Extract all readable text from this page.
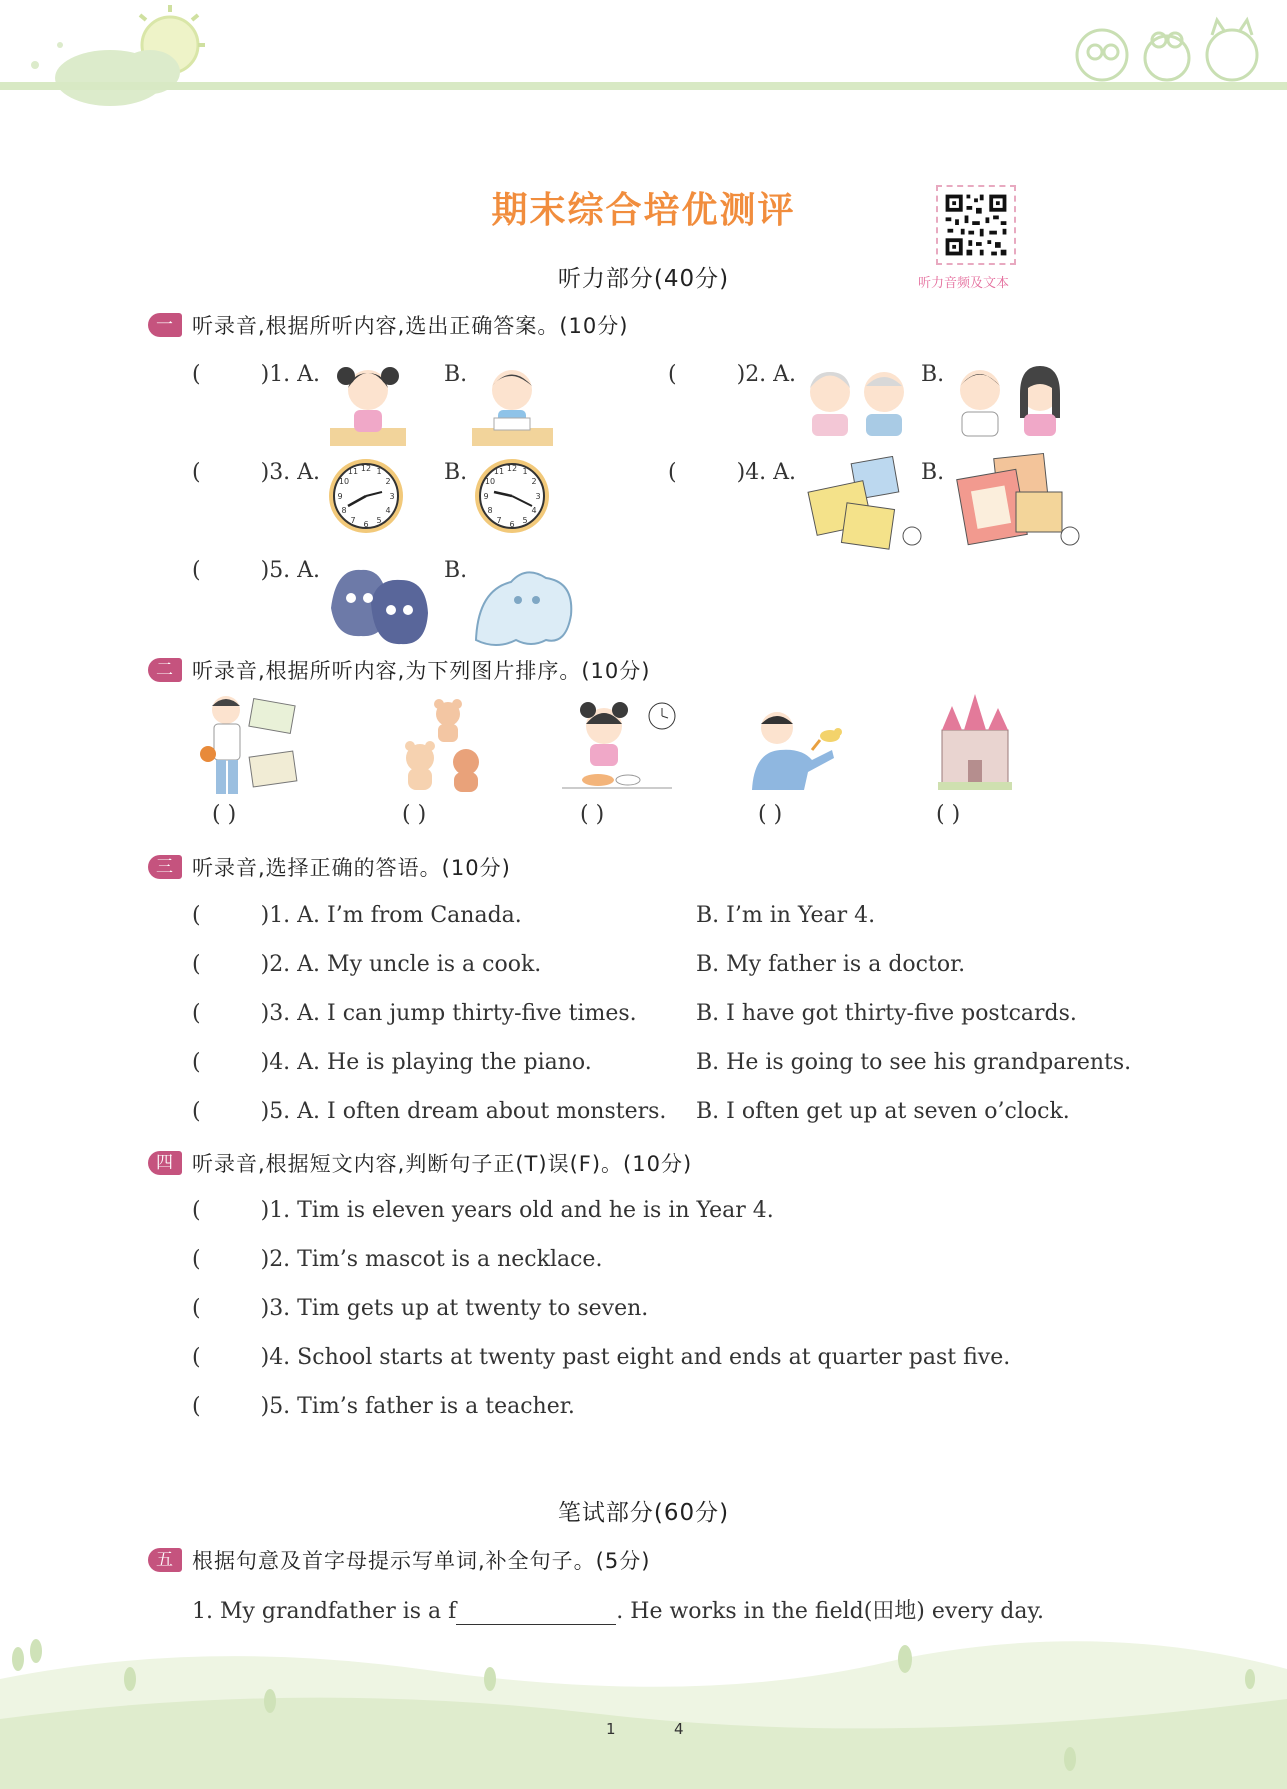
期末综合培优测评
听力音频及文本
听力部分(40分)
一 听录音,根据所听内容,选出正确答案。(10分)
(	)1. A.	B.	(	)2. A.	B.
(	)3. A.	B.	(	)4. A.	B.
(	)5. A.	B.
12 1
2
3
4
5
6
7
8
9
10
11	12 1
2
3
4
5
6
7
8
9
10
11
二 听录音,根据所听内容,为下列图片排序。(10分)
( )	( )	( )	( )	( )
三 听录音,选择正确的答语。(10分)
(	)1. A. I’m from Canada.	B. I’m in Year 4.
(	)2. A. My uncle is a cook.	B. My father is a doctor.
(	)3. A. I can jump thirty-five times.	B. I have got thirty-five postcards.
(	)4. A. He is playing the piano.	B. He is going to see his grandparents.
(	)5. A. I often dream about monsters. B. I often get up at seven o’clock.
四 听录音,根据短文内容,判断句子正(T)误(F)。(10分)
(	)1. Tim is eleven years old and he is in Year 4.
(	)2. Tim’s mascot is a necklace.
(	)3. Tim gets up at twenty to seven.
(	)4. School starts at twenty past eight and ends at quarter past five.
(	)5. Tim’s father is a teacher.
笔试部分(60分)
五 根据句意及首字母提示写单词,补全句子。(5分)
1. My grandfather is a f	. He works in the field(田地) every day.
1	4
